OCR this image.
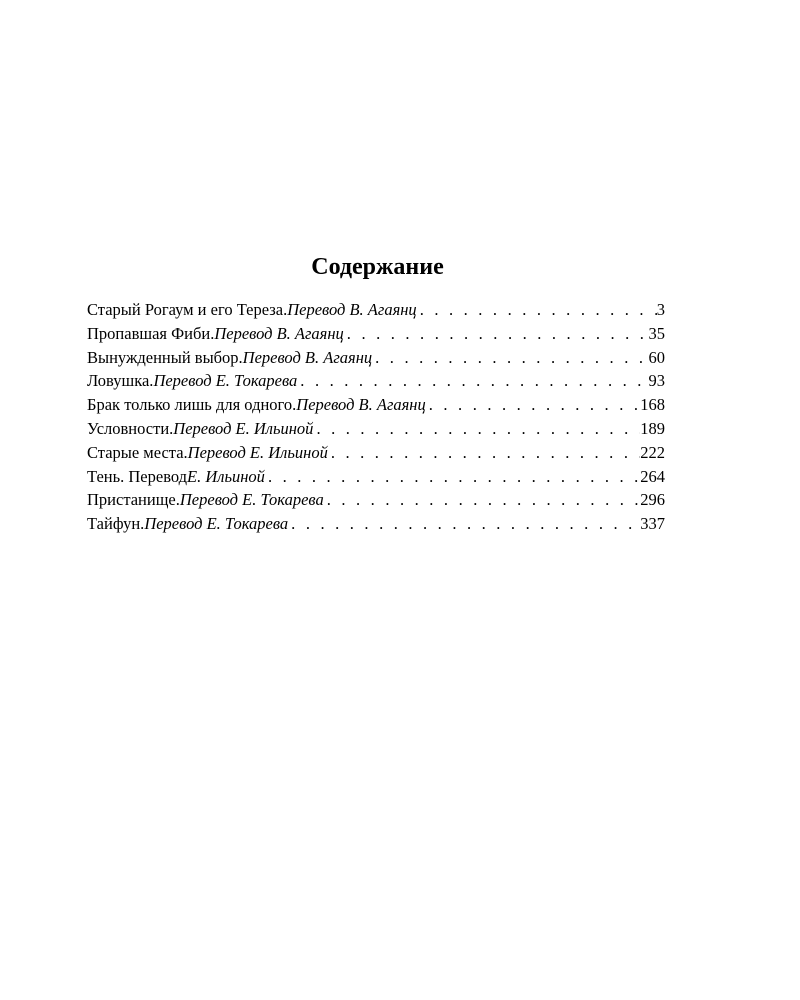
Содержание
Старый Рогаум и его Тереза. Перевод В. Агаянц . . .	3
Пропавшая Фиби. Перевод В. Агаянц . . .	35
Вынужденный выбор. Перевод В. Агаянц . . .	60
Ловушка. Перевод Е. Токарева . . .	93
Брак только лишь для одного. Перевод В. Агаянц . . .	168
Условности. Перевод Е. Ильиной . . .	189
Старые места. Перевод Е. Ильиной . . .	222
Тень. Перевод Е. Ильиной . . .	264
Пристанище. Перевод Е. Токарева . . .	296
Тайфун. Перевод Е. Токарева . . .	337
